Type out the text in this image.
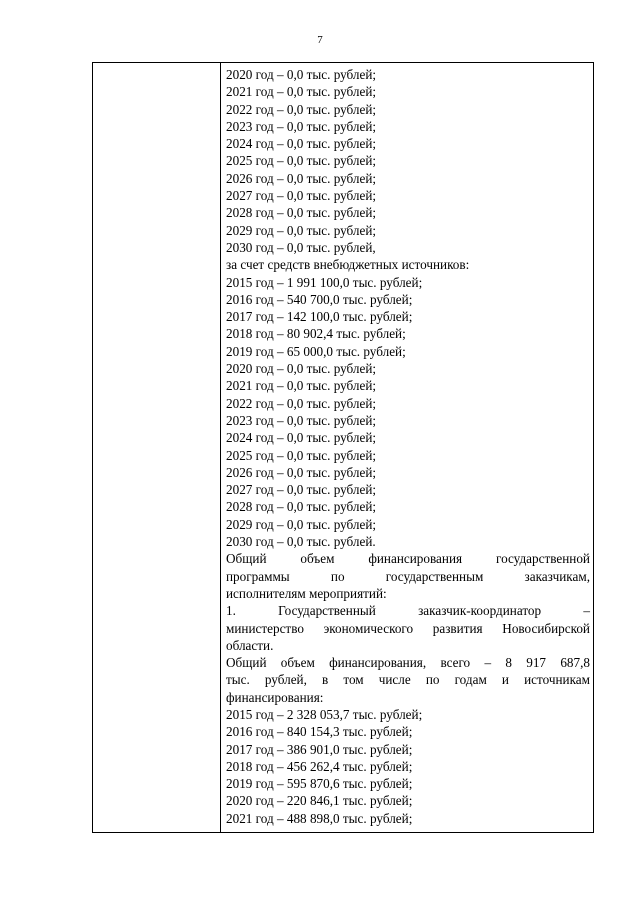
7
2020 год – 0,0 тыс. рублей;
2021 год – 0,0 тыс. рублей;
2022 год – 0,0 тыс. рублей;
2023 год – 0,0 тыс. рублей;
2024 год – 0,0 тыс. рублей;
2025 год – 0,0 тыс. рублей;
2026 год – 0,0 тыс. рублей;
2027 год – 0,0 тыс. рублей;
2028 год – 0,0 тыс. рублей;
2029 год – 0,0 тыс. рублей;
2030 год – 0,0 тыс. рублей,
за счет средств внебюджетных источников:
2015 год – 1 991 100,0 тыс. рублей;
2016 год – 540 700,0 тыс. рублей;
2017 год – 142 100,0 тыс. рублей;
2018 год – 80 902,4 тыс. рублей;
2019 год – 65 000,0 тыс. рублей;
2020 год – 0,0 тыс. рублей;
2021 год – 0,0 тыс. рублей;
2022 год – 0,0 тыс. рублей;
2023 год – 0,0 тыс. рублей;
2024 год – 0,0 тыс. рублей;
2025 год – 0,0 тыс. рублей;
2026 год – 0,0 тыс. рублей;
2027 год – 0,0 тыс. рублей;
2028 год – 0,0 тыс. рублей;
2029 год – 0,0 тыс. рублей;
2030 год – 0,0 тыс. рублей.
Общий объем финансирования государственной
программы по государственным заказчикам,
исполнителям мероприятий:
1. Государственный заказчик-координатор –
министерство экономического развития Новосибирской
области.
Общий объем финансирования, всего – 8 917 687,8
тыс. рублей, в том числе по годам и источникам
финансирования:
2015 год – 2 328 053,7 тыс. рублей;
2016 год – 840 154,3 тыс. рублей;
2017 год – 386 901,0 тыс. рублей;
2018 год – 456 262,4 тыс. рублей;
2019 год – 595 870,6 тыс. рублей;
2020 год – 220 846,1 тыс. рублей;
2021 год – 488 898,0 тыс. рублей;
